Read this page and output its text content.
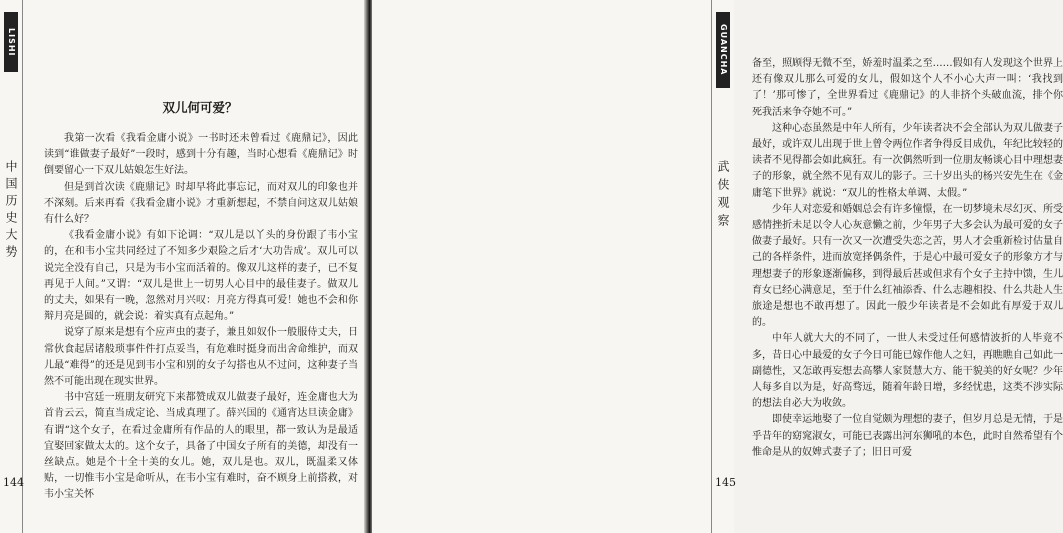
LISHI
中国历史大势
144
双儿何可爱？

我第一次看《我看金庸小说》一书时还未曾看过《鹿鼎记》，因此读到“谁做妻子最好”一段时，感到十分有趣，当时心想看《鹿鼎记》时倒要留心一下双儿姑娘怎生好法。

但是到首次读《鹿鼎记》时却早将此事忘记，而对双儿的印象也并不深刻。后来再看《我看金庸小说》才重新想起，不禁自问这双儿姑娘有什么好？

《我看金庸小说》有如下论调：“双儿是以丫头的身份跟了韦小宝的，在和韦小宝共同经过了不知多少艰险之后才‘大功告成’。双儿可以说完全没有自己，只是为韦小宝而活着的。像双儿这样的妻子，已不复再见于人间。”又谓：“双儿是世上一切男人心目中的最佳妻子。做双儿的丈夫，如果有一晚，忽然对月兴叹：月亮方得真可爱！她也不会和你辩月亮是圆的，就会说：着实真有点起角。”

说穿了原来是想有个应声虫的妻子，兼且如奴仆一般服侍丈夫，日常伙食起居诸般琐事件件打点妥当，有危难时挺身而出舍命维护，而双儿最“难得”的还是见到韦小宝和别的女子勾搭也从不过问，这种妻子当然不可能出现在现实世界。

书中宫廷一班朋友研究下来都赞成双儿做妻子最好，连金庸也大为首肯云云，简直当成定论、当成真理了。薛兴国的《通宵达旦读金庸》有谓“这个女子，在看过金庸所有作品的人的眼里，都一致认为是最适宜娶回家做太太的。这个女子，具备了中国女子所有的美德，却没有一丝缺点。她是个十全十美的女儿。她，双儿是也。双儿，既温柔又体贴，一切惟韦小宝是命听从，在韦小宝有难时，奋不顾身上前搭救，对韦小宝关怀

备至，照顾得无微不至，娇羞时温柔之至……假如有人发现这个世界上还有像双儿那么可爱的女儿，假如这个人不小心大声一叫：‘我找到了！’那可惨了，全世界看过《鹿鼎记》的人非挤个头破血流，排个你死我活来争夺她不可。”

这种心态虽然是中年人所有，少年读者决不会全部认为双儿做妻子最好，或许双儿出现于世上曾令两位作者争得反目成仇，年纪比较轻的读者不见得都会如此疯狂。有一次偶然听到一位朋友畅谈心目中理想妻子的形象，就全然不见有双儿的影子。三十岁出头的杨兴安先生在《金庸笔下世界》就说：“双儿的性格太单调、太假。”

少年人对恋爱和婚姻总会有许多憧憬，在一切梦境未尽幻灭、所受感情挫折未足以令人心灰意懒之前，少年男子大多会认为最可爱的女子做妻子最好。只有一次又一次遭受失恋之苦，男人才会重新检讨估量自己的各样条件，进而放宽择偶条件，于是心中最可爱女子的形象方才与理想妻子的形象逐渐偏移，到得最后甚或但求有个女子主持中馈，生儿育女已经心满意足，至于什么红袖添香、什么志趣相投、什么共赴人生旅途是想也不敢再想了。因此一般少年读者是不会如此有厚爱于双儿的。

中年人就大大的不同了，一世人未受过任何感情波折的人毕竟不多，昔日心中最爱的女子今日可能已嫁作他人之妇，再瞧瞧自己如此一副德性，又怎敢再妄想去高攀人家贤慧大方、能干貌美的好女呢？少年人每多自以为是，好高骛远，随着年龄日增，多经忧患，这类不涉实际的想法自必大为收敛。

即使幸运地娶了一位自觉颇为理想的妻子，但岁月总是无情，于是乎昔年的窈窕淑女，可能已表露出河东狮吼的本色，此时自然希望有个惟命是从的奴婢式妻子了；旧日可爱

GUANCHA
武侠观察
145
